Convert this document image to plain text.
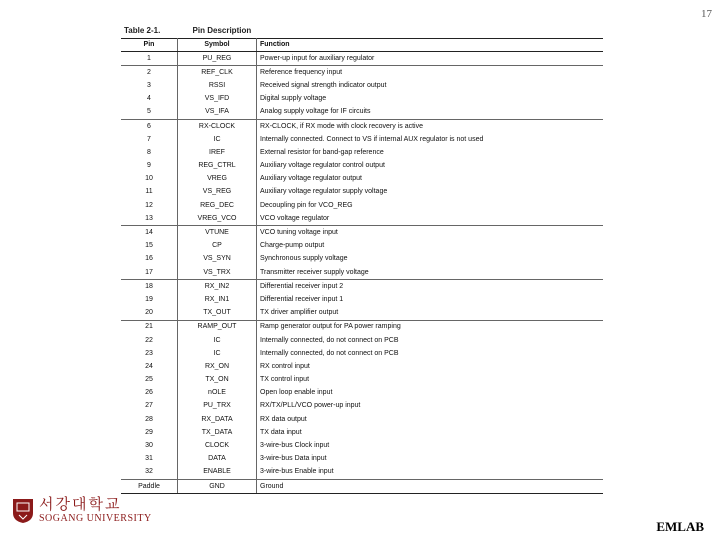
17
Table 2-1.	Pin Description
Pin	Symbol	Function
1	PU_REG	Power-up input for auxiliary regulator
2	REF_CLK	Reference frequency input
3	RSSI	Received signal strength indicator output
4	VS_IFD	Digital supply voltage
5	VS_IFA	Analog supply voltage for IF circuits
6	RX-CLOCK	RX-CLOCK, if RX mode with clock recovery is active
7	IC	Internally connected. Connect to VS if internal AUX regulator is not used
8	IREF	External resistor for band-gap reference
9	REG_CTRL	Auxiliary voltage regulator control output
10	VREG	Auxiliary voltage regulator output
11	VS_REG	Auxiliary voltage regulator supply voltage
12	REG_DEC	Decoupling pin for VCO_REG
13	VREG_VCO	VCO voltage regulator
14	VTUNE	VCO tuning voltage input
15	CP	Charge-pump output
16	VS_SYN	Synchronous supply voltage
17	VS_TRX	Transmitter receiver supply voltage
18	RX_IN2	Differential receiver input 2
19	RX_IN1	Differential receiver input 1
20	TX_OUT	TX driver amplifier output
21	RAMP_OUT	Ramp generator output for PA power ramping
22	IC	Internally connected, do not connect on PCB
23	IC	Internally connected, do not connect on PCB
24	RX_ON	RX control input
25	TX_ON	TX control input
26	nOLE	Open loop enable input
27	PU_TRX	RX/TX/PLL/VCO power-up input
28	RX_DATA	RX data output
29	TX_DATA	TX data input
30	CLOCK	3-wire-bus Clock input
31	DATA	3-wire-bus Data input
32	ENABLE	3-wire-bus Enable input
Paddle	GND	Ground
서강대학교
SOGANG UNIVERSITY
EMLAB
